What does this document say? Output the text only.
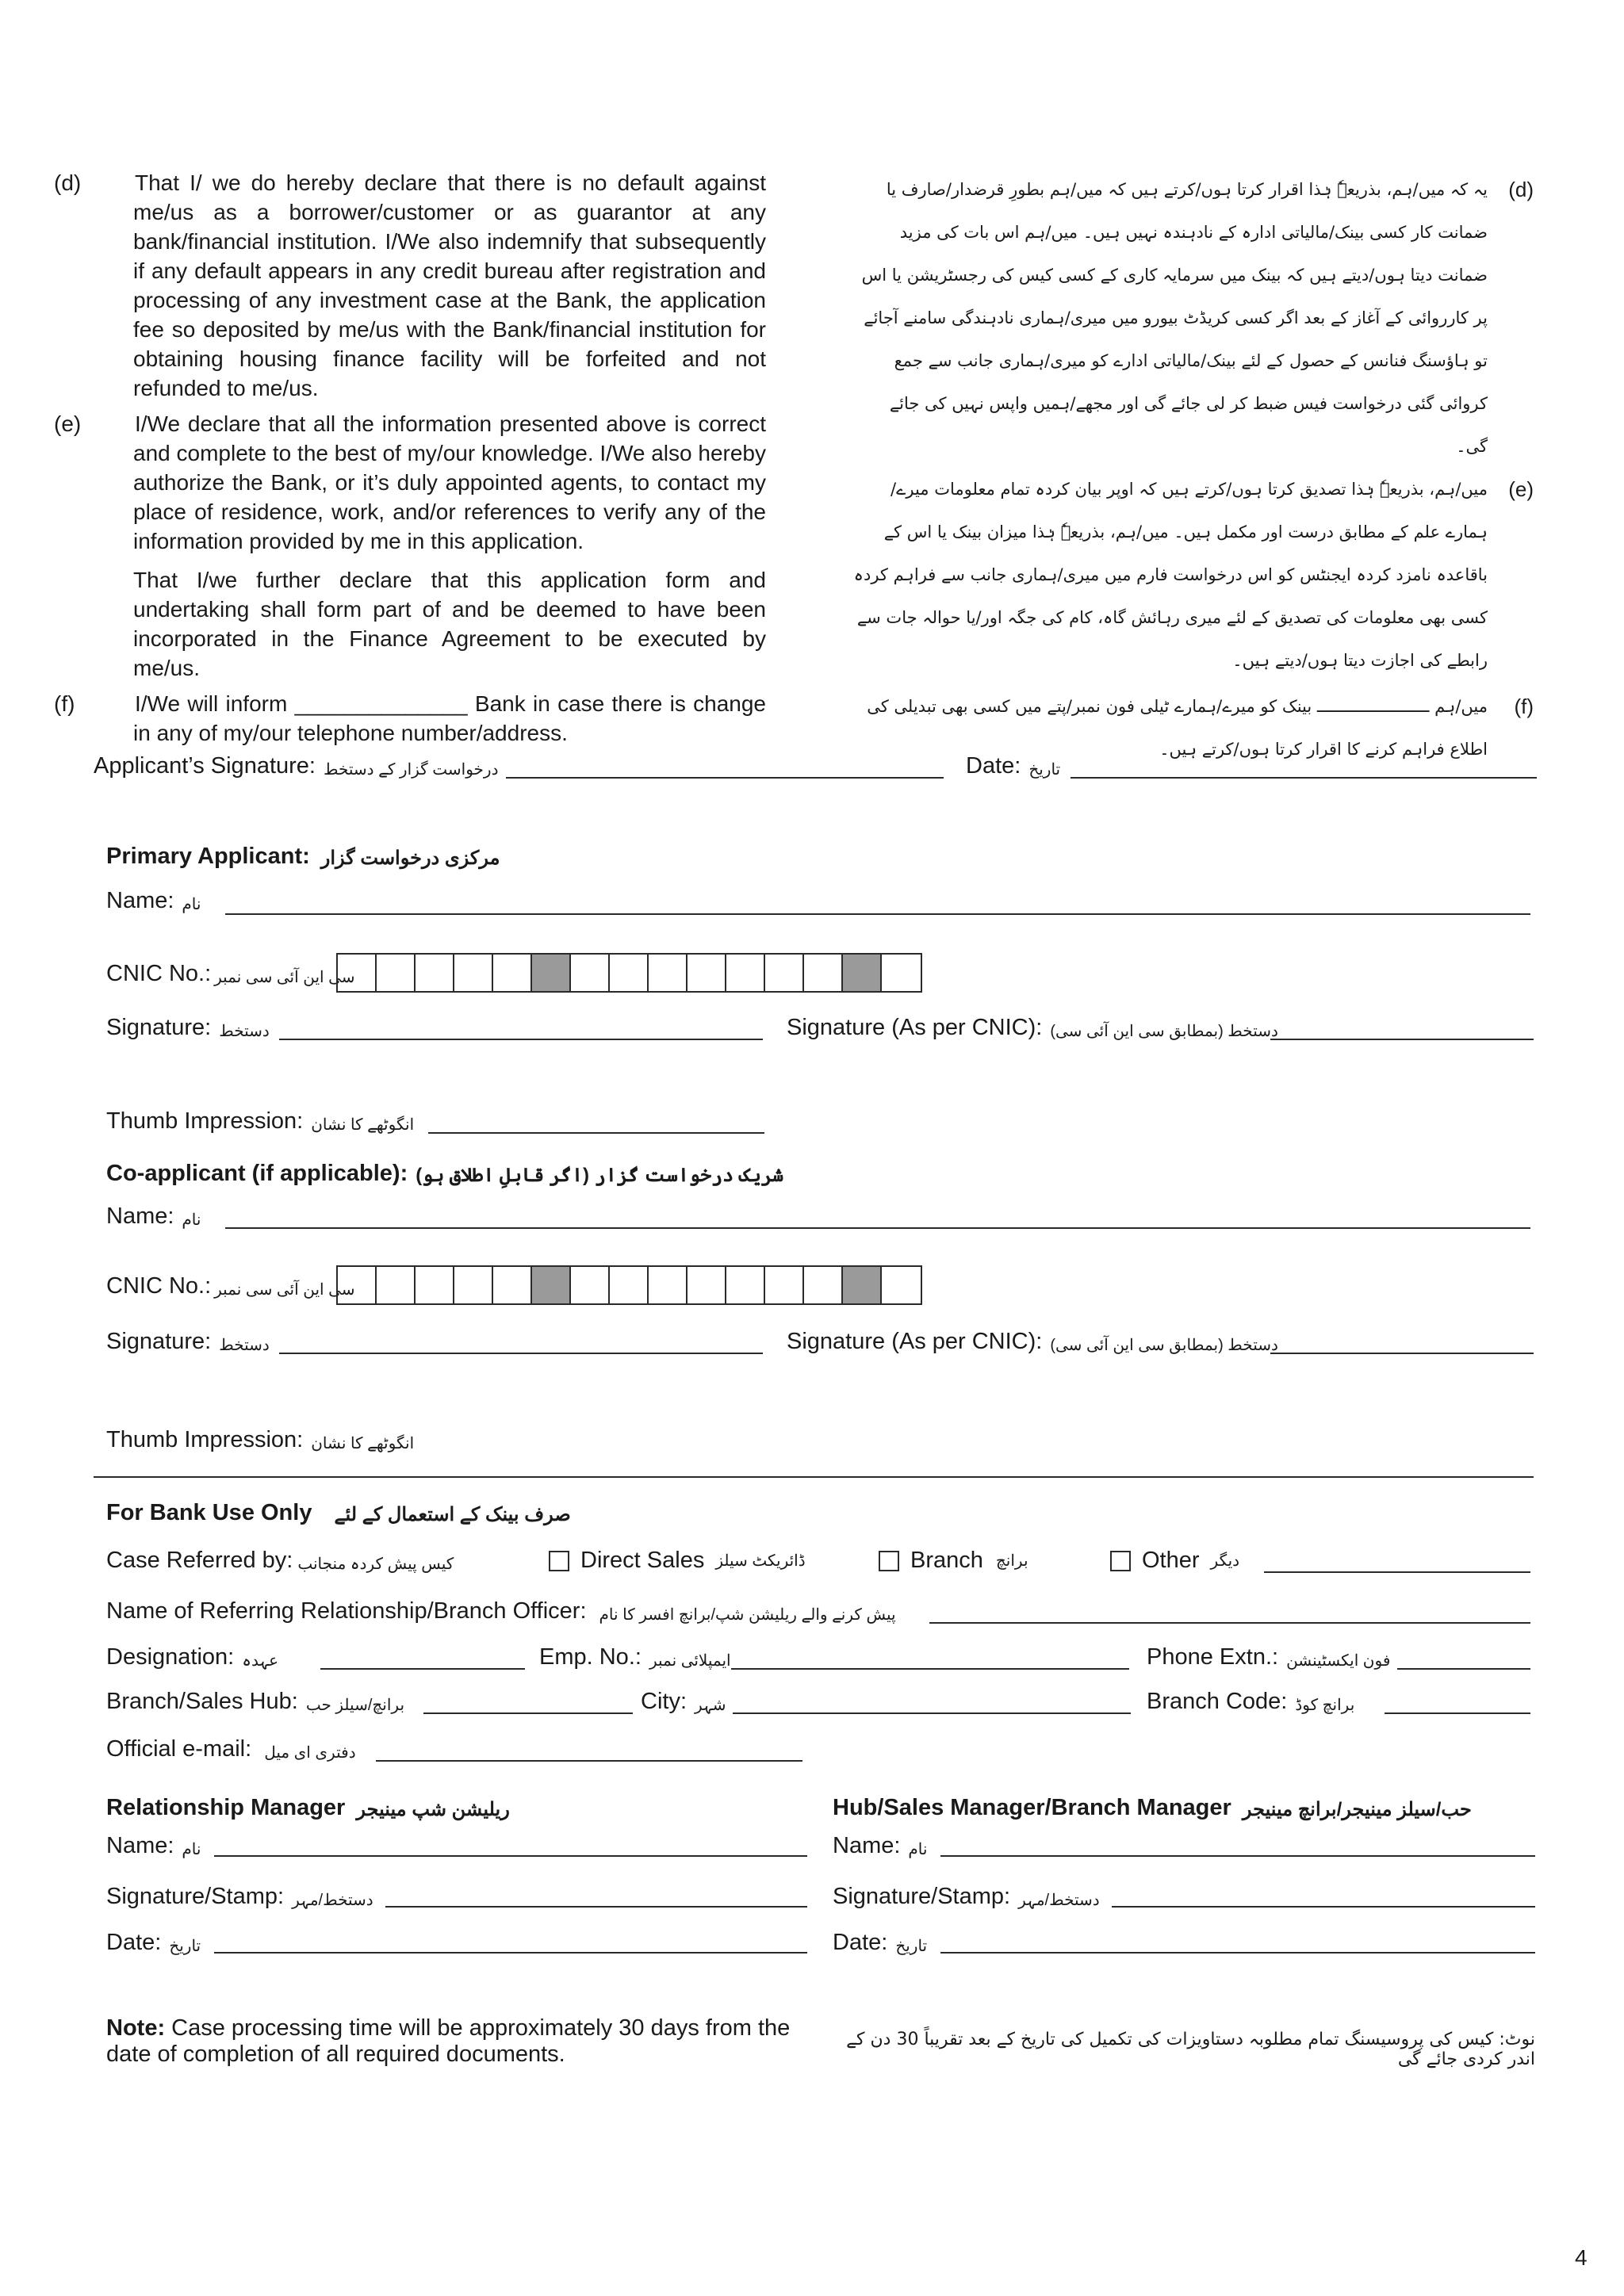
(d) That I/ we do hereby declare that there is no default against me/us as a borrower/customer or as guarantor at any bank/financial institution. I/We also indemnify that subsequently if any default appears in any credit bureau after registration and processing of any investment case at the Bank, the application fee so deposited by me/us with the Bank/financial institution for obtaining housing finance facility will be forfeited and not refunded to me/us.
(e) I/We declare that all the information presented above is correct and complete to the best of my/our knowledge. I/We also hereby authorize the Bank, or it’s duly appointed agents, to contact my place of residence, work, and/or references to verify any of the information provided by me in this application.
That I/we further declare that this application form and undertaking shall form part of and be deemed to have been incorporated in the Finance Agreement to be executed by me/us.
(f)	I/We will inform ______________ Bank in case there is change in any of my/our telephone number/address.
یہ کہ میں/ہم، بذریعہٗ ہٰذا اقرار کرتا ہوں/کرتے ہیں کہ میں/ہم بطورِ قرضدار/صارف یا ضمانت کار کسی بینک/مالیاتی ادارہ کے نادہندہ نہیں ہیں۔ میں/ہم اس بات کی مزید ضمانت دیتا ہوں/دیتے ہیں کہ بینک میں سرمایہ کاری کے کسی کیس کی رجسٹریشن یا اس پر کارروائی کے آغاز کے بعد اگر کسی کریڈٹ بیورو میں میری/ہماری نادہندگی سامنے آجائے تو ہاؤسنگ فنانس کے حصول کے لئے بینک/مالیاتی ادارے کو میری/ہماری جانب سے جمع کروائی گئی درخواست فیس ضبط کر لی جائے گی اور مجھے/ہمیں واپس نہیں کی جائے گی۔
(d)
میں/ہم، بذریعہٗ ہٰذا تصدیق کرتا ہوں/کرتے ہیں کہ اوپر بیان کردہ تمام معلومات میرے/ہمارے علم کے مطابق درست اور مکمل ہیں۔ میں/ہم، بذریعہٗ ہٰذا میزان بینک یا اس کے باقاعدہ نامزد کردہ ایجنٹس کو اس درخواست فارم میں میری/ہماری جانب سے فراہم کردہ کسی بھی معلومات کی تصدیق کے لئے میری رہائش گاہ، کام کی جگہ اور/یا حوالہ جات سے رابطے کی اجازت دیتا ہوں/دیتے ہیں۔
(e)
میں/ہم ـــــــــــــــــــــــ بینک کو میرے/ہمارے ٹیلی فون نمبر/پتے میں کسی بھی تبدیلی کی اطلاع فراہم کرنے کا اقرار کرتا ہوں/کرتے ہیں۔
(f)
Applicant’s Signature: درخواست گزار کے دستخط	Date: تاریخ
Primary Applicant: مرکزی درخواست گزار
Name: نام
CNIC No.: سی این آئی سی نمبر
Signature: دستخط	Signature (As per CNIC): دستخط (بمطابق سی این آئی سی)
Thumb Impression: انگوٹھے کا نشان
Co-applicant (if applicable): شریک درخواست گزار (اگر قابلِ اطلاق ہو)
Name: نام
CNIC No.: سی این آئی سی نمبر
Signature: دستخط	Signature (As per CNIC): دستخط (بمطابق سی این آئی سی)
Thumb Impression: انگوٹھے کا نشان
For Bank Use Only صرف بینک کے استعمال کے لئے
Case Referred by: کیس پیش کردہ منجانب	Direct Sales ڈائریکٹ سیلز	Branch برانچ	Other دیگر
Name of Referring Relationship/Branch Officer: پیش کرنے والے ریلیشن شپ/برانچ افسر کا نام
Designation: عہدہ	Emp. No.: ایمپلائی نمبر	Phone Extn.: فون ایکسٹینشن
Branch/Sales Hub: برانچ/سیلز حب	City: شہر	Branch Code: برانچ کوڈ
Official e-mail: دفتری ای میل
Relationship Manager ریلیشن شپ مینیجر
Name: نام
Signature/Stamp: دستخط/مہر
Date: تاریخ
Hub/Sales Manager/Branch Manager حب/سیلز مینیجر/برانچ مینیجر
Name: نام
Signature/Stamp: دستخط/مہر
Date: تاریخ
Note: Case processing time will be approximately 30 days from the date of completion of all required documents.
نوٹ: کیس کی پروسیسنگ تمام مطلوبہ دستاویزات کی تکمیل کی تاریخ کے بعد تقریباً 30 دن کے اندر کردی جائے گی
4
